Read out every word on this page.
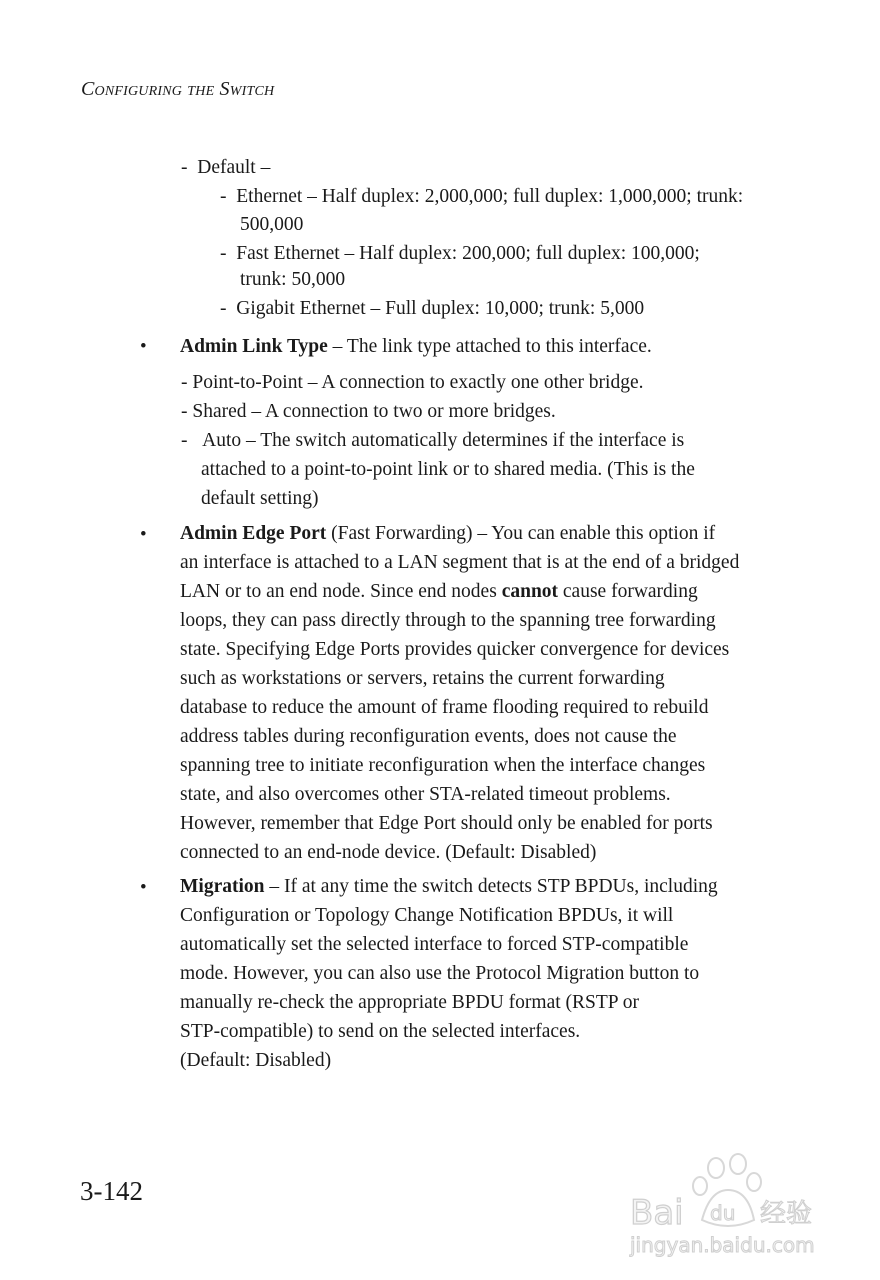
Configuring the Switch
-  Default –
-  Ethernet – Half duplex: 2,000,000; full duplex: 1,000,000; trunk:
500,000
-  Fast Ethernet – Half duplex: 200,000; full duplex: 100,000;
trunk: 50,000
-  Gigabit Ethernet – Full duplex: 10,000; trunk: 5,000
• Admin Link Type – The link type attached to this interface.
- Point-to-Point – A connection to exactly one other bridge.
- Shared – A connection to two or more bridges.
-   Auto – The switch automatically determines if the interface is
attached to a point-to-point link or to shared media. (This is the
default setting)
• Admin Edge Port (Fast Forwarding) – You can enable this option if
an interface is attached to a LAN segment that is at the end of a bridged
LAN or to an end node. Since end nodes cannot cause forwarding
loops, they can pass directly through to the spanning tree forwarding
state. Specifying Edge Ports provides quicker convergence for devices
such as workstations or servers, retains the current forwarding
database to reduce the amount of frame flooding required to rebuild
address tables during reconfiguration events, does not cause the
spanning tree to initiate reconfiguration when the interface changes
state, and also overcomes other STA-related timeout problems.
However, remember that Edge Port should only be enabled for ports
connected to an end-node device. (Default: Disabled)
• Migration – If at any time the switch detects STP BPDUs, including
Configuration or Topology Change Notification BPDUs, it will
automatically set the selected interface to forced STP-compatible
mode. However, you can also use the Protocol Migration button to
manually re-check the appropriate BPDU format (RSTP or
STP-compatible) to send on the selected interfaces.
(Default: Disabled)
3-142
Bai du 经验
jingyan.baidu.com
